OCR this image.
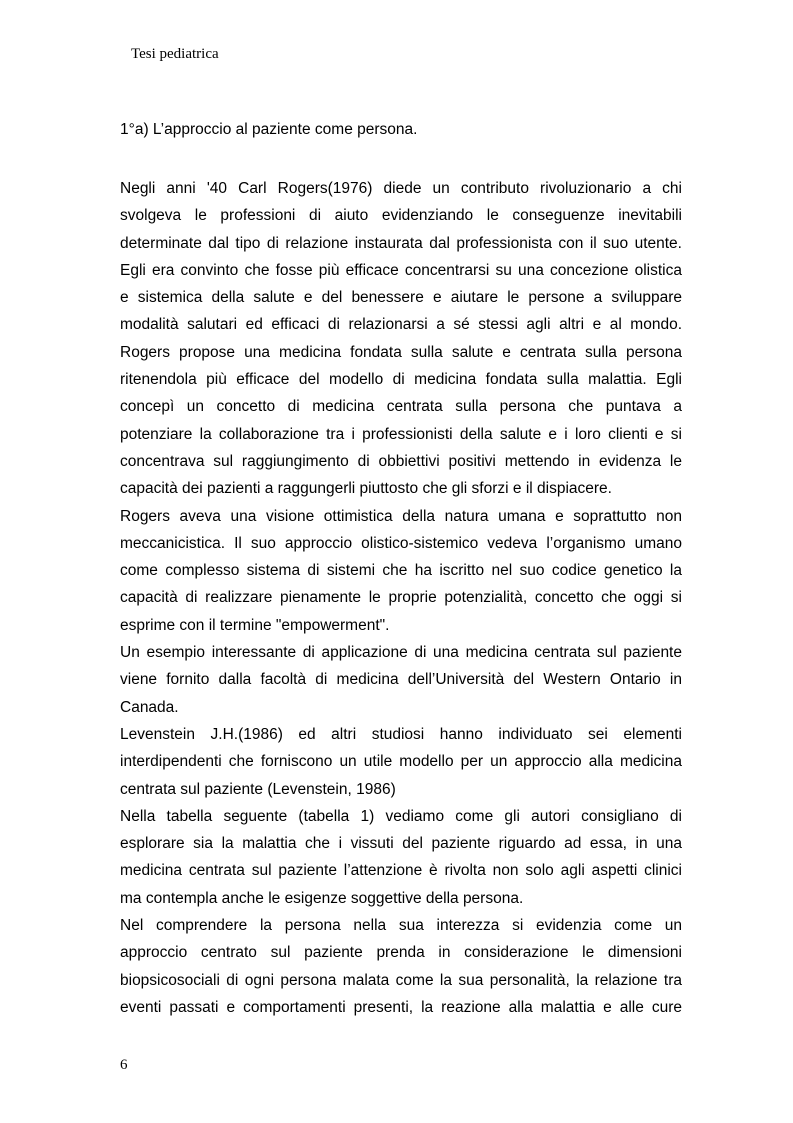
Tesi pediatrica
1°a) L’approccio al paziente come persona.
Negli anni '40 Carl Rogers(1976) diede un contributo rivoluzionario a chi
svolgeva le professioni di aiuto evidenziando le conseguenze inevitabili
determinate dal tipo di relazione instaurata dal professionista con il suo utente.
Egli era convinto che fosse più efficace concentrarsi su una concezione olistica
e sistemica della salute e del benessere e aiutare le persone a sviluppare
modalità salutari ed efficaci di relazionarsi a sé stessi agli altri e al mondo.
Rogers propose una medicina fondata sulla salute e centrata sulla persona
ritenendola più efficace del modello di medicina fondata sulla malattia. Egli
concepì un concetto di medicina centrata sulla persona che puntava a
potenziare la collaborazione tra i professionisti della salute e i loro clienti e si
concentrava sul raggiungimento di obbiettivi positivi mettendo in evidenza le
capacità dei pazienti a raggungerli piuttosto che gli sforzi e il dispiacere.
Rogers aveva una visione ottimistica della natura umana e soprattutto non
meccanicistica. Il suo approccio olistico-sistemico vedeva l’organismo umano
come complesso sistema di sistemi che ha iscritto nel suo codice genetico la
capacità di realizzare pienamente le proprie potenzialità, concetto che oggi si
esprime con il termine "empowerment".
Un esempio interessante di applicazione di una medicina centrata sul paziente
viene fornito dalla facoltà di medicina dell’Università del Western Ontario in
Canada.
Levenstein J.H.(1986) ed altri studiosi hanno individuato sei elementi
interdipendenti che forniscono un utile modello per un approccio alla medicina
centrata sul paziente (Levenstein, 1986)
Nella tabella seguente (tabella 1) vediamo come gli autori consigliano di
esplorare sia la malattia che i vissuti del paziente riguardo ad essa, in una
medicina centrata sul paziente l’attenzione è rivolta non solo agli aspetti clinici
ma contempla anche le esigenze soggettive della persona.
Nel comprendere la persona nella sua interezza si evidenzia come un
approccio centrato sul paziente prenda in considerazione le dimensioni
biopsicosociali di ogni persona malata come la sua personalità, la relazione tra
eventi passati e comportamenti presenti, la reazione alla malattia e alle cure
6
